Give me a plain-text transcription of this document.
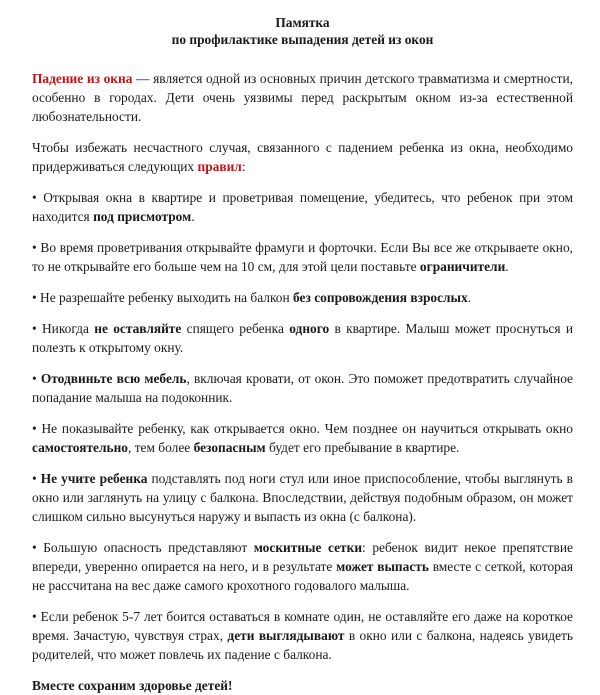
Памятка
по профилактике выпадения детей из окон

Падение из окна — является одной из основных причин детского травматизма и смертности, особенно в городах. Дети очень уязвимы перед раскрытым окном из-за естественной любознательности.

Чтобы избежать несчастного случая, связанного с падением ребенка из окна, необходимо придерживаться следующих правил:

• Открывая окна в квартире и проветривая помещение, убедитесь, что ребенок при этом находится под присмотром.

• Во время проветривания открывайте фрамуги и форточки. Если Вы все же открываете окно, то не открывайте его больше чем на 10 см, для этой цели поставьте ограничители.

• Не разрешайте ребенку выходить на балкон без сопровождения взрослых.

• Никогда не оставляйте спящего ребенка одного в квартире. Малыш может проснуться и полезть к открытому окну.

• Отодвиньте всю мебель, включая кровати, от окон. Это поможет предотвратить случайное попадание малыша на подоконник.

• Не показывайте ребенку, как открывается окно. Чем позднее он научиться открывать окно самостоятельно, тем более безопасным будет его пребывание в квартире.

• Не учите ребенка подставлять под ноги стул или иное приспособление, чтобы выглянуть в окно или заглянуть на улицу с балкона. Впоследствии, действуя подобным образом, он может слишком сильно высунуться наружу и выпасть из окна (с балкона).

• Большую опасность представляют москитные сетки: ребенок видит некое препятствие впереди, уверенно опирается на него, и в результате может выпасть вместе с сеткой, которая не рассчитана на вес даже самого крохотного годовалого малыша.

• Если ребенок 5-7 лет боится оставаться в комнате один, не оставляйте его даже на короткое время. Зачастую, чувствуя страх, дети выглядывают в окно или с балкона, надеясь увидеть родителей, что может повлечь их падение с балкона.

Вместе сохраним здоровье детей!
